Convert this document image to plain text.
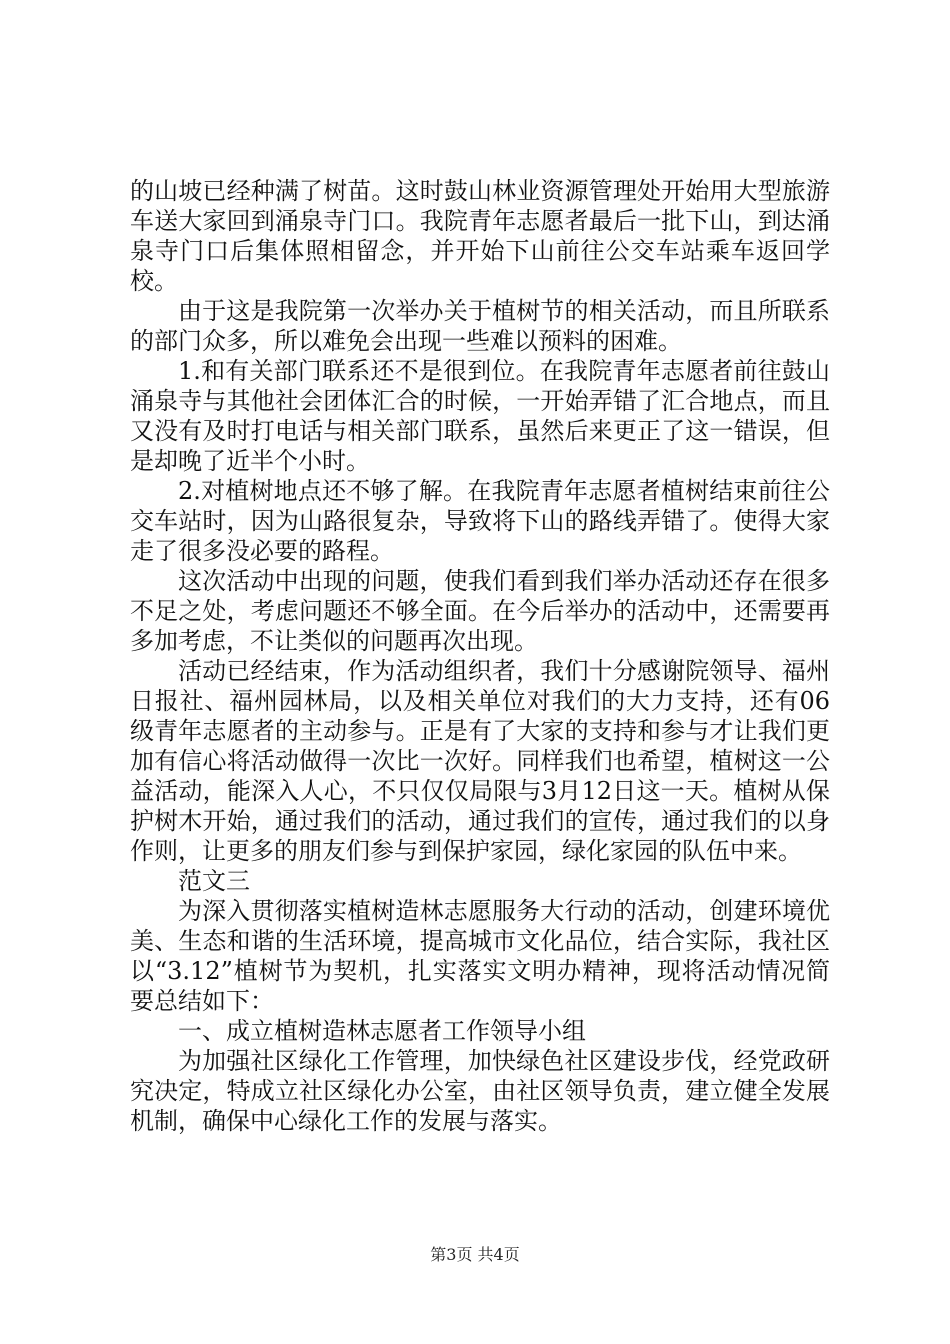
的山坡已经种满了树苗。这时鼓山林业资源管理处开始用大型旅游车送大家回到涌泉寺门口。我院青年志愿者最后一批下山，到达涌泉寺门口后集体照相留念，并开始下山前往公交车站乘车返回学校。

由于这是我院第一次举办关于植树节的相关活动，而且所联系的部门众多，所以难免会出现一些难以预料的困难。

1.和有关部门联系还不是很到位。在我院青年志愿者前往鼓山涌泉寺与其他社会团体汇合的时候，一开始弄错了汇合地点，而且又没有及时打电话与相关部门联系，虽然后来更正了这一错误，但是却晚了近半个小时。

2.对植树地点还不够了解。在我院青年志愿者植树结束前往公交车站时，因为山路很复杂，导致将下山的路线弄错了。使得大家走了很多没必要的路程。

这次活动中出现的问题，使我们看到我们举办活动还存在很多不足之处，考虑问题还不够全面。在今后举办的活动中，还需要再多加考虑，不让类似的问题再次出现。

活动已经结束，作为活动组织者，我们十分感谢院领导、福州日报社、福州园林局，以及相关单位对我们的大力支持，还有06级青年志愿者的主动参与。正是有了大家的支持和参与才让我们更加有信心将活动做得一次比一次好。同样我们也希望，植树这一公益活动，能深入人心，不只仅仅局限与3月12日这一天。植树从保护树木开始，通过我们的活动，通过我们的宣传，通过我们的以身作则，让更多的朋友们参与到保护家园，绿化家园的队伍中来。

范文三

为深入贯彻落实植树造林志愿服务大行动的活动，创建环境优美、生态和谐的生活环境，提高城市文化品位，结合实际，我社区以“3.12”植树节为契机，扎实落实文明办精神，现将活动情况简要总结如下：

一、成立植树造林志愿者工作领导小组

为加强社区绿化工作管理，加快绿色社区建设步伐，经党政研究决定，特成立社区绿化办公室，由社区领导负责，建立健全发展机制，确保中心绿化工作的发展与落实。

第3页 共4页
